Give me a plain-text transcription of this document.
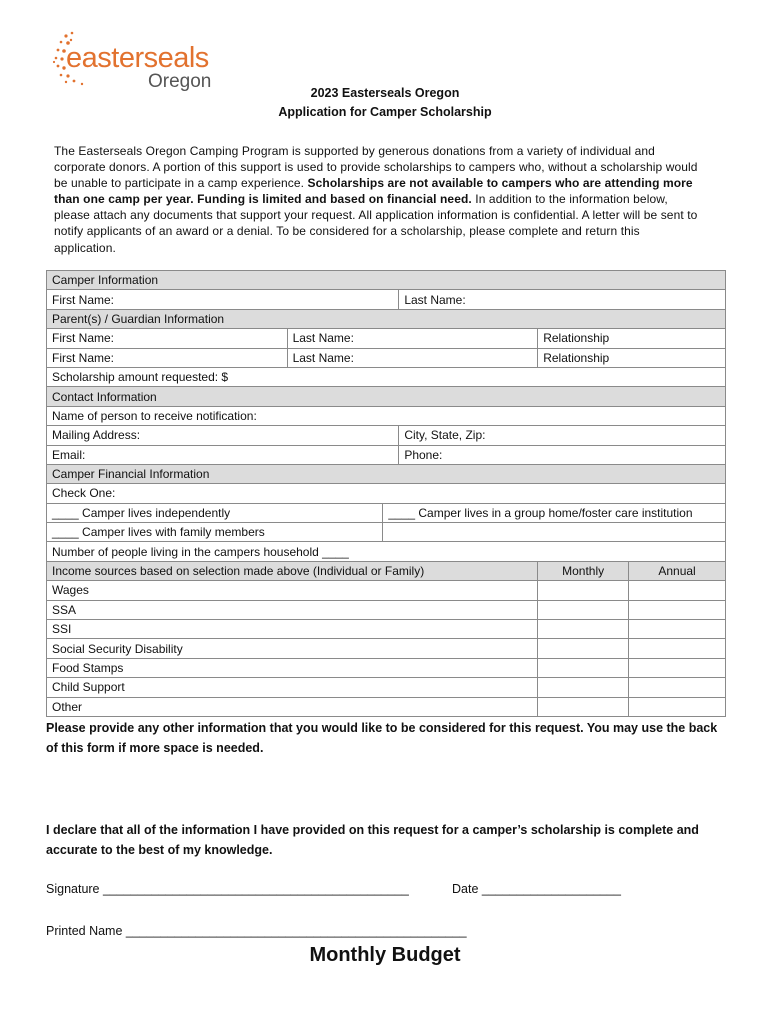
easterseals
Oregon
2023 Easterseals Oregon
Application for Camper Scholarship
The Easterseals Oregon Camping Program is supported by generous donations from a variety of individual and corporate donors. A portion of this support is used to provide scholarships to campers who, without a scholarship would be unable to participate in a camp experience. Scholarships are not available to campers who are attending more than one camp per year. Funding is limited and based on financial need. In addition to the information below, please attach any documents that support your request. All application information is confidential. A letter will be sent to notify applicants of an award or a denial. To be considered for a scholarship, please complete and return this application.
Camper Information					
First Name:			Last Name:		
Parent(s) / Guardian Information					
First Name:	Last Name:			Relationship	
First Name:	Last Name:			Relationship	
Scholarship amount requested: $					
Contact Information					
Name of person to receive notification:					
Mailing Address:			City, State, Zip:		
Email:			Phone:		
Camper Financial Information					
Check One:					
____ Camper lives independently		____ Camper lives in a group home/foster care institution			
____ Camper lives with family members					
Number of people living in the campers household ____					
Income sources based on selection made above (Individual or Family)				Monthly	Annual
Wages					
SSA					
SSI					
Social Security Disability					
Food Stamps					
Child Support					
Other					
Please provide any other information that you would like to be considered for this request. You may use the back of this form if more space is needed.
I declare that all of the information I have provided on this request for a camper’s scholarship is complete and accurate to the best of my knowledge.
Signature ____________________________________________	Date ____________________
Printed Name _________________________________________________
Monthly Budget
